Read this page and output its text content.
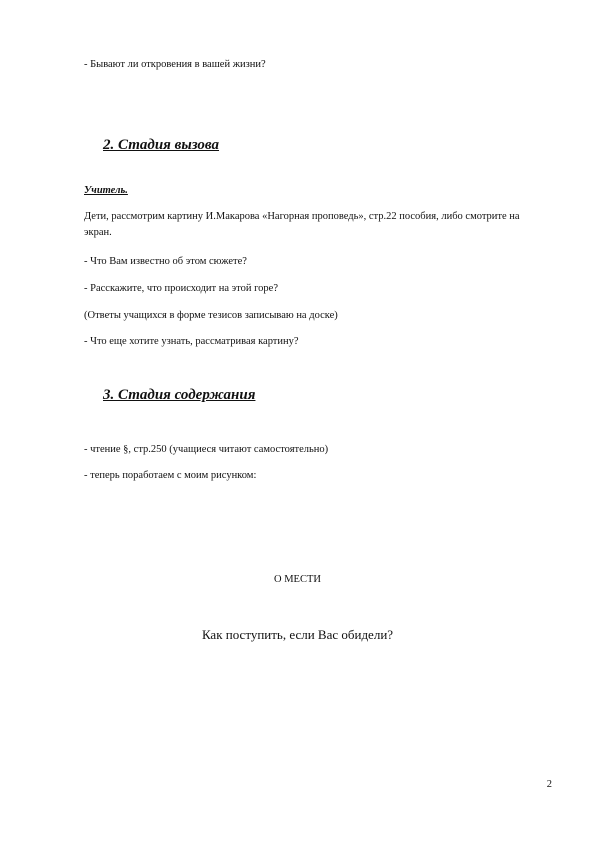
- Бывают ли откровения в вашей жизни?
2. Стадия вызова
Учитель.
Дети, рассмотрим картину И.Макарова «Нагорная проповедь», стр.22 пособия, либо смотрите на экран.
- Что Вам известно об этом сюжете?
- Расскажите, что происходит на этой горе?
(Ответы учащихся в форме тезисов записываю на доске)
- Что еще хотите узнать, рассматривая картину?
3. Стадия содержания
- чтение §, стр.250 (учащиеся читают самостоятельно)
- теперь поработаем с моим рисунком:
О МЕСТИ
Как поступить, если Вас обидели?
2
